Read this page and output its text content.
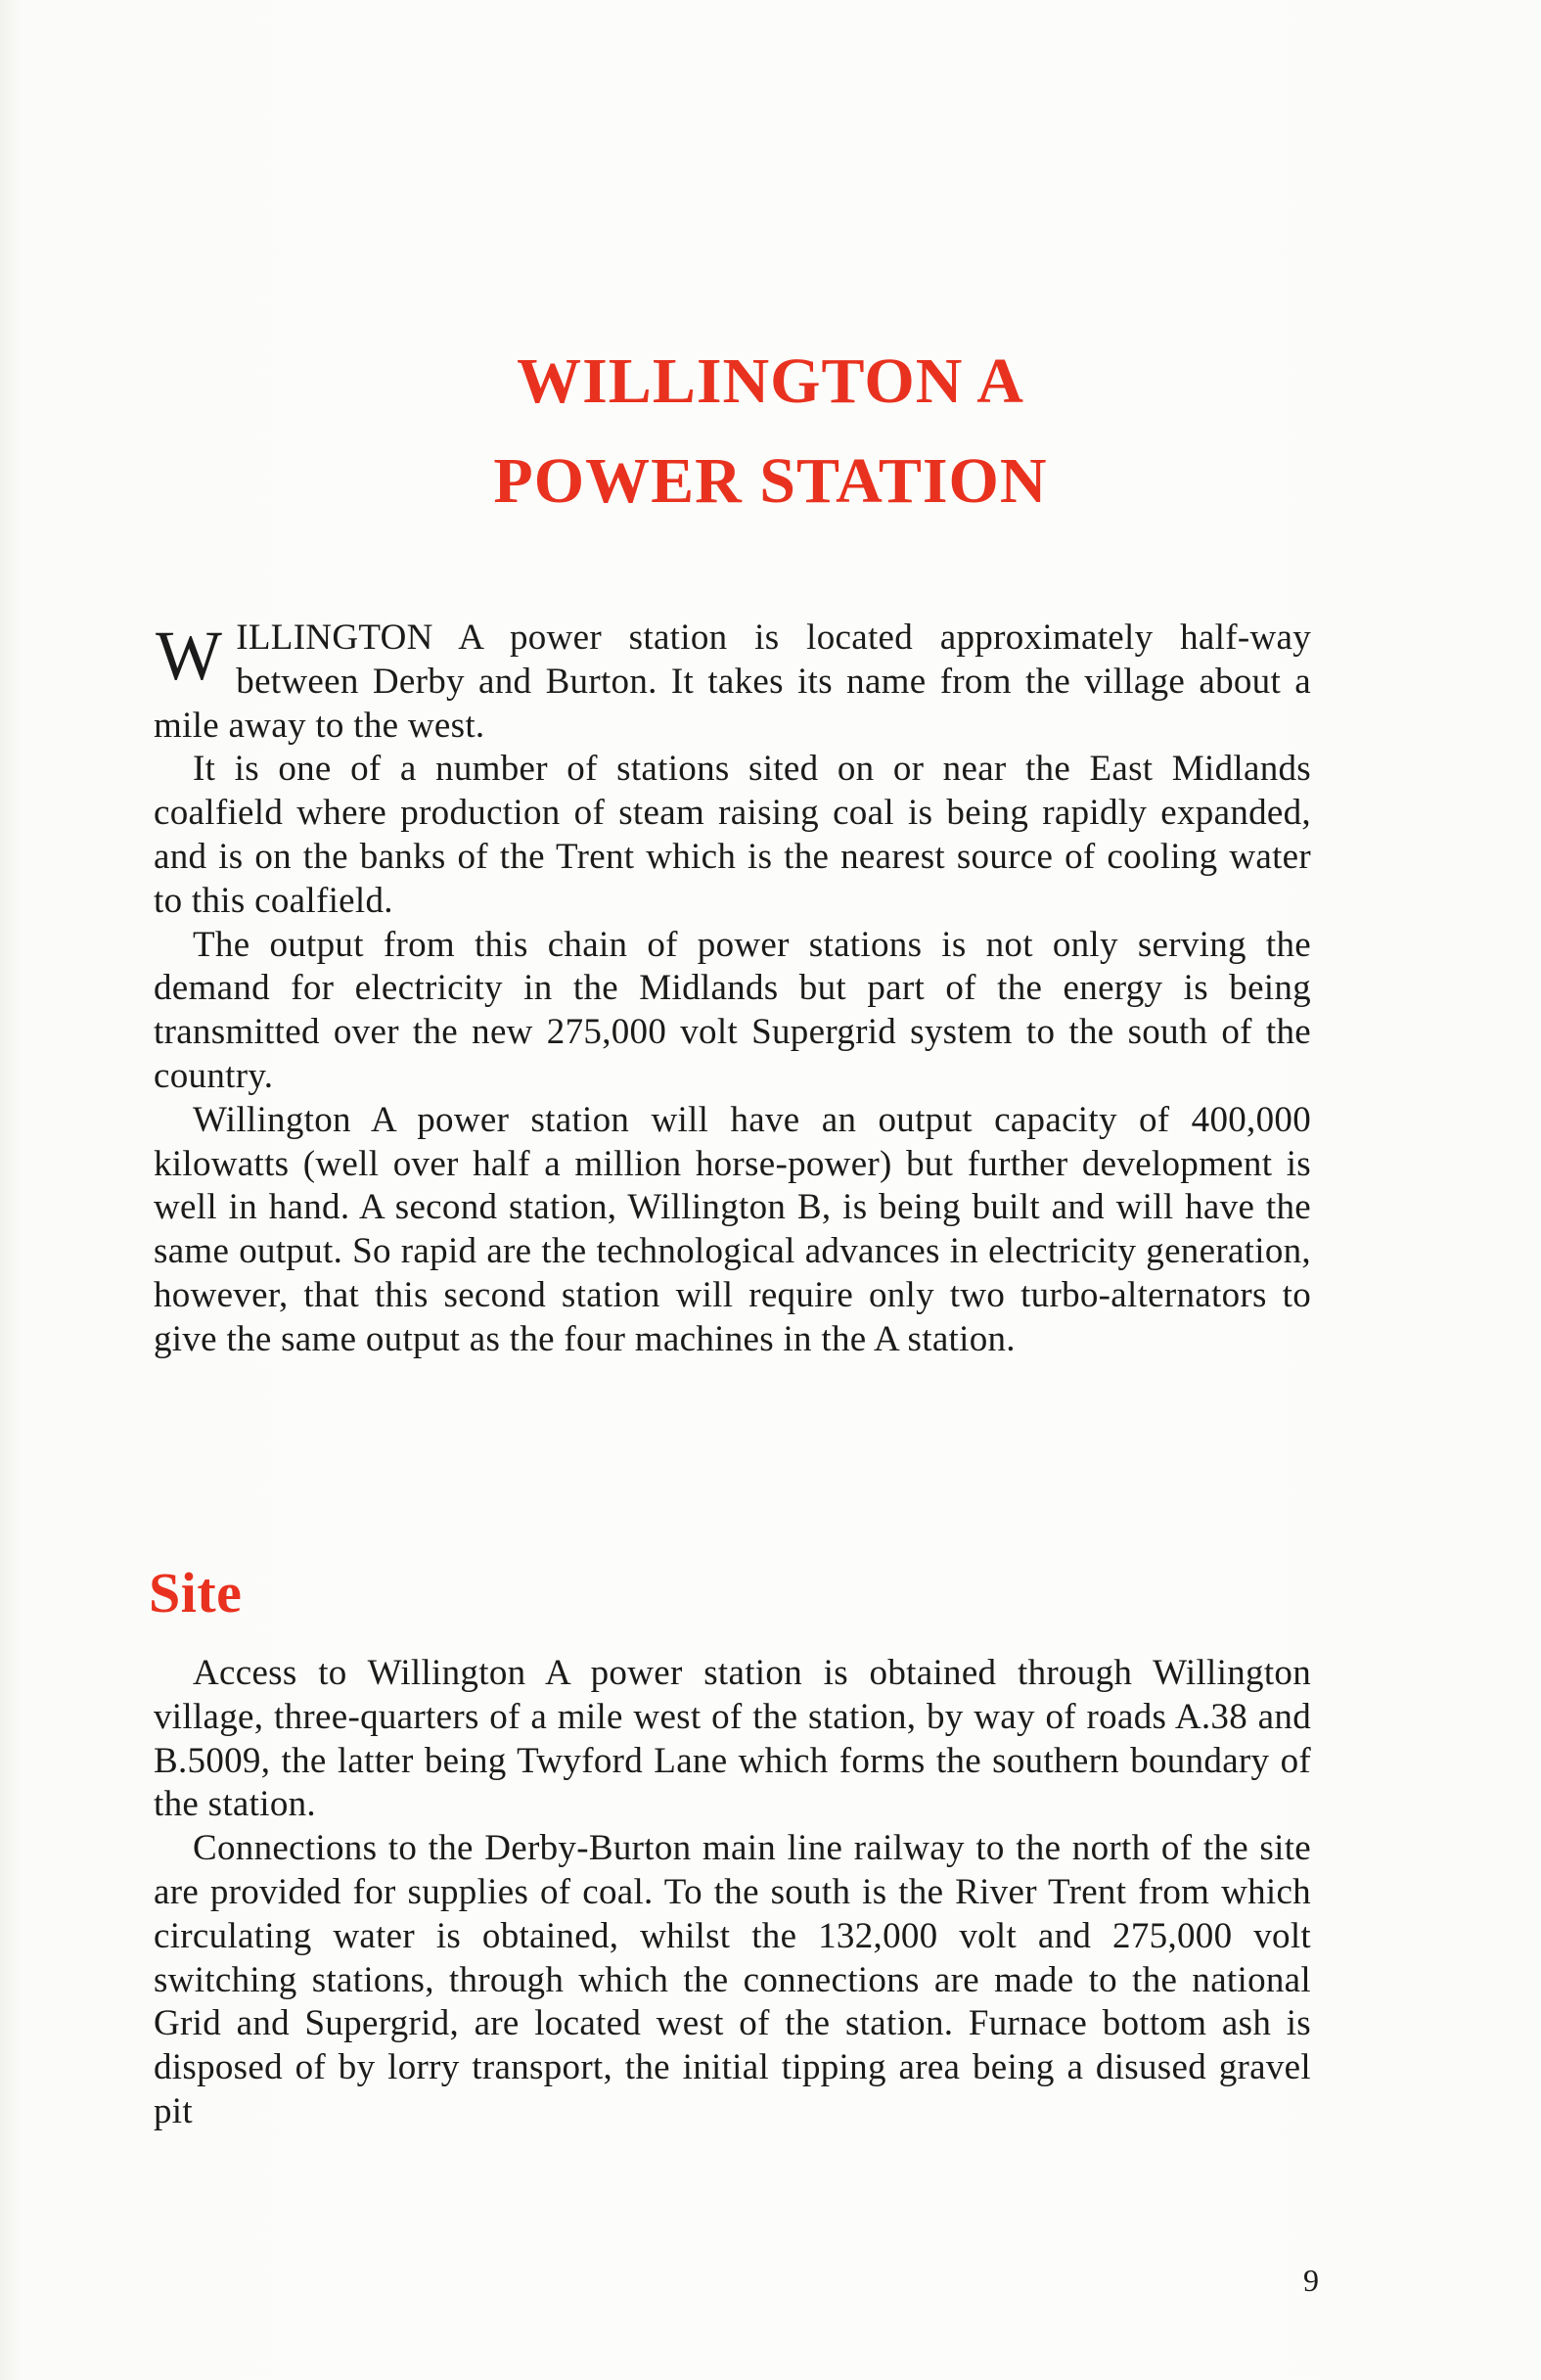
WILLINGTON A
POWER STATION

WILLINGTON A power station is located approximately half-way between Derby and Burton. It takes its name from the village about a mile away to the west.

It is one of a number of stations sited on or near the East Midlands coalfield where production of steam raising coal is being rapidly expanded, and is on the banks of the Trent which is the nearest source of cooling water to this coalfield.

The output from this chain of power stations is not only serving the demand for electricity in the Midlands but part of the energy is being transmitted over the new 275,000 volt Supergrid system to the south of the country.

Willington A power station will have an output capacity of 400,000 kilowatts (well over half a million horse-power) but further development is well in hand. A second station, Willington B, is being built and will have the same output. So rapid are the technological advances in electricity generation, however, that this second station will require only two turbo-alternators to give the same output as the four machines in the A station.

Site

Access to Willington A power station is obtained through Willington village, three-quarters of a mile west of the station, by way of roads A.38 and B.5009, the latter being Twyford Lane which forms the southern boundary of the station.

Connections to the Derby-Burton main line railway to the north of the site are provided for supplies of coal. To the south is the River Trent from which circulating water is obtained, whilst the 132,000 volt and 275,000 volt switching stations, through which the connections are made to the national Grid and Supergrid, are located west of the station. Furnace bottom ash is disposed of by lorry transport, the initial tipping area being a disused gravel pit

9
